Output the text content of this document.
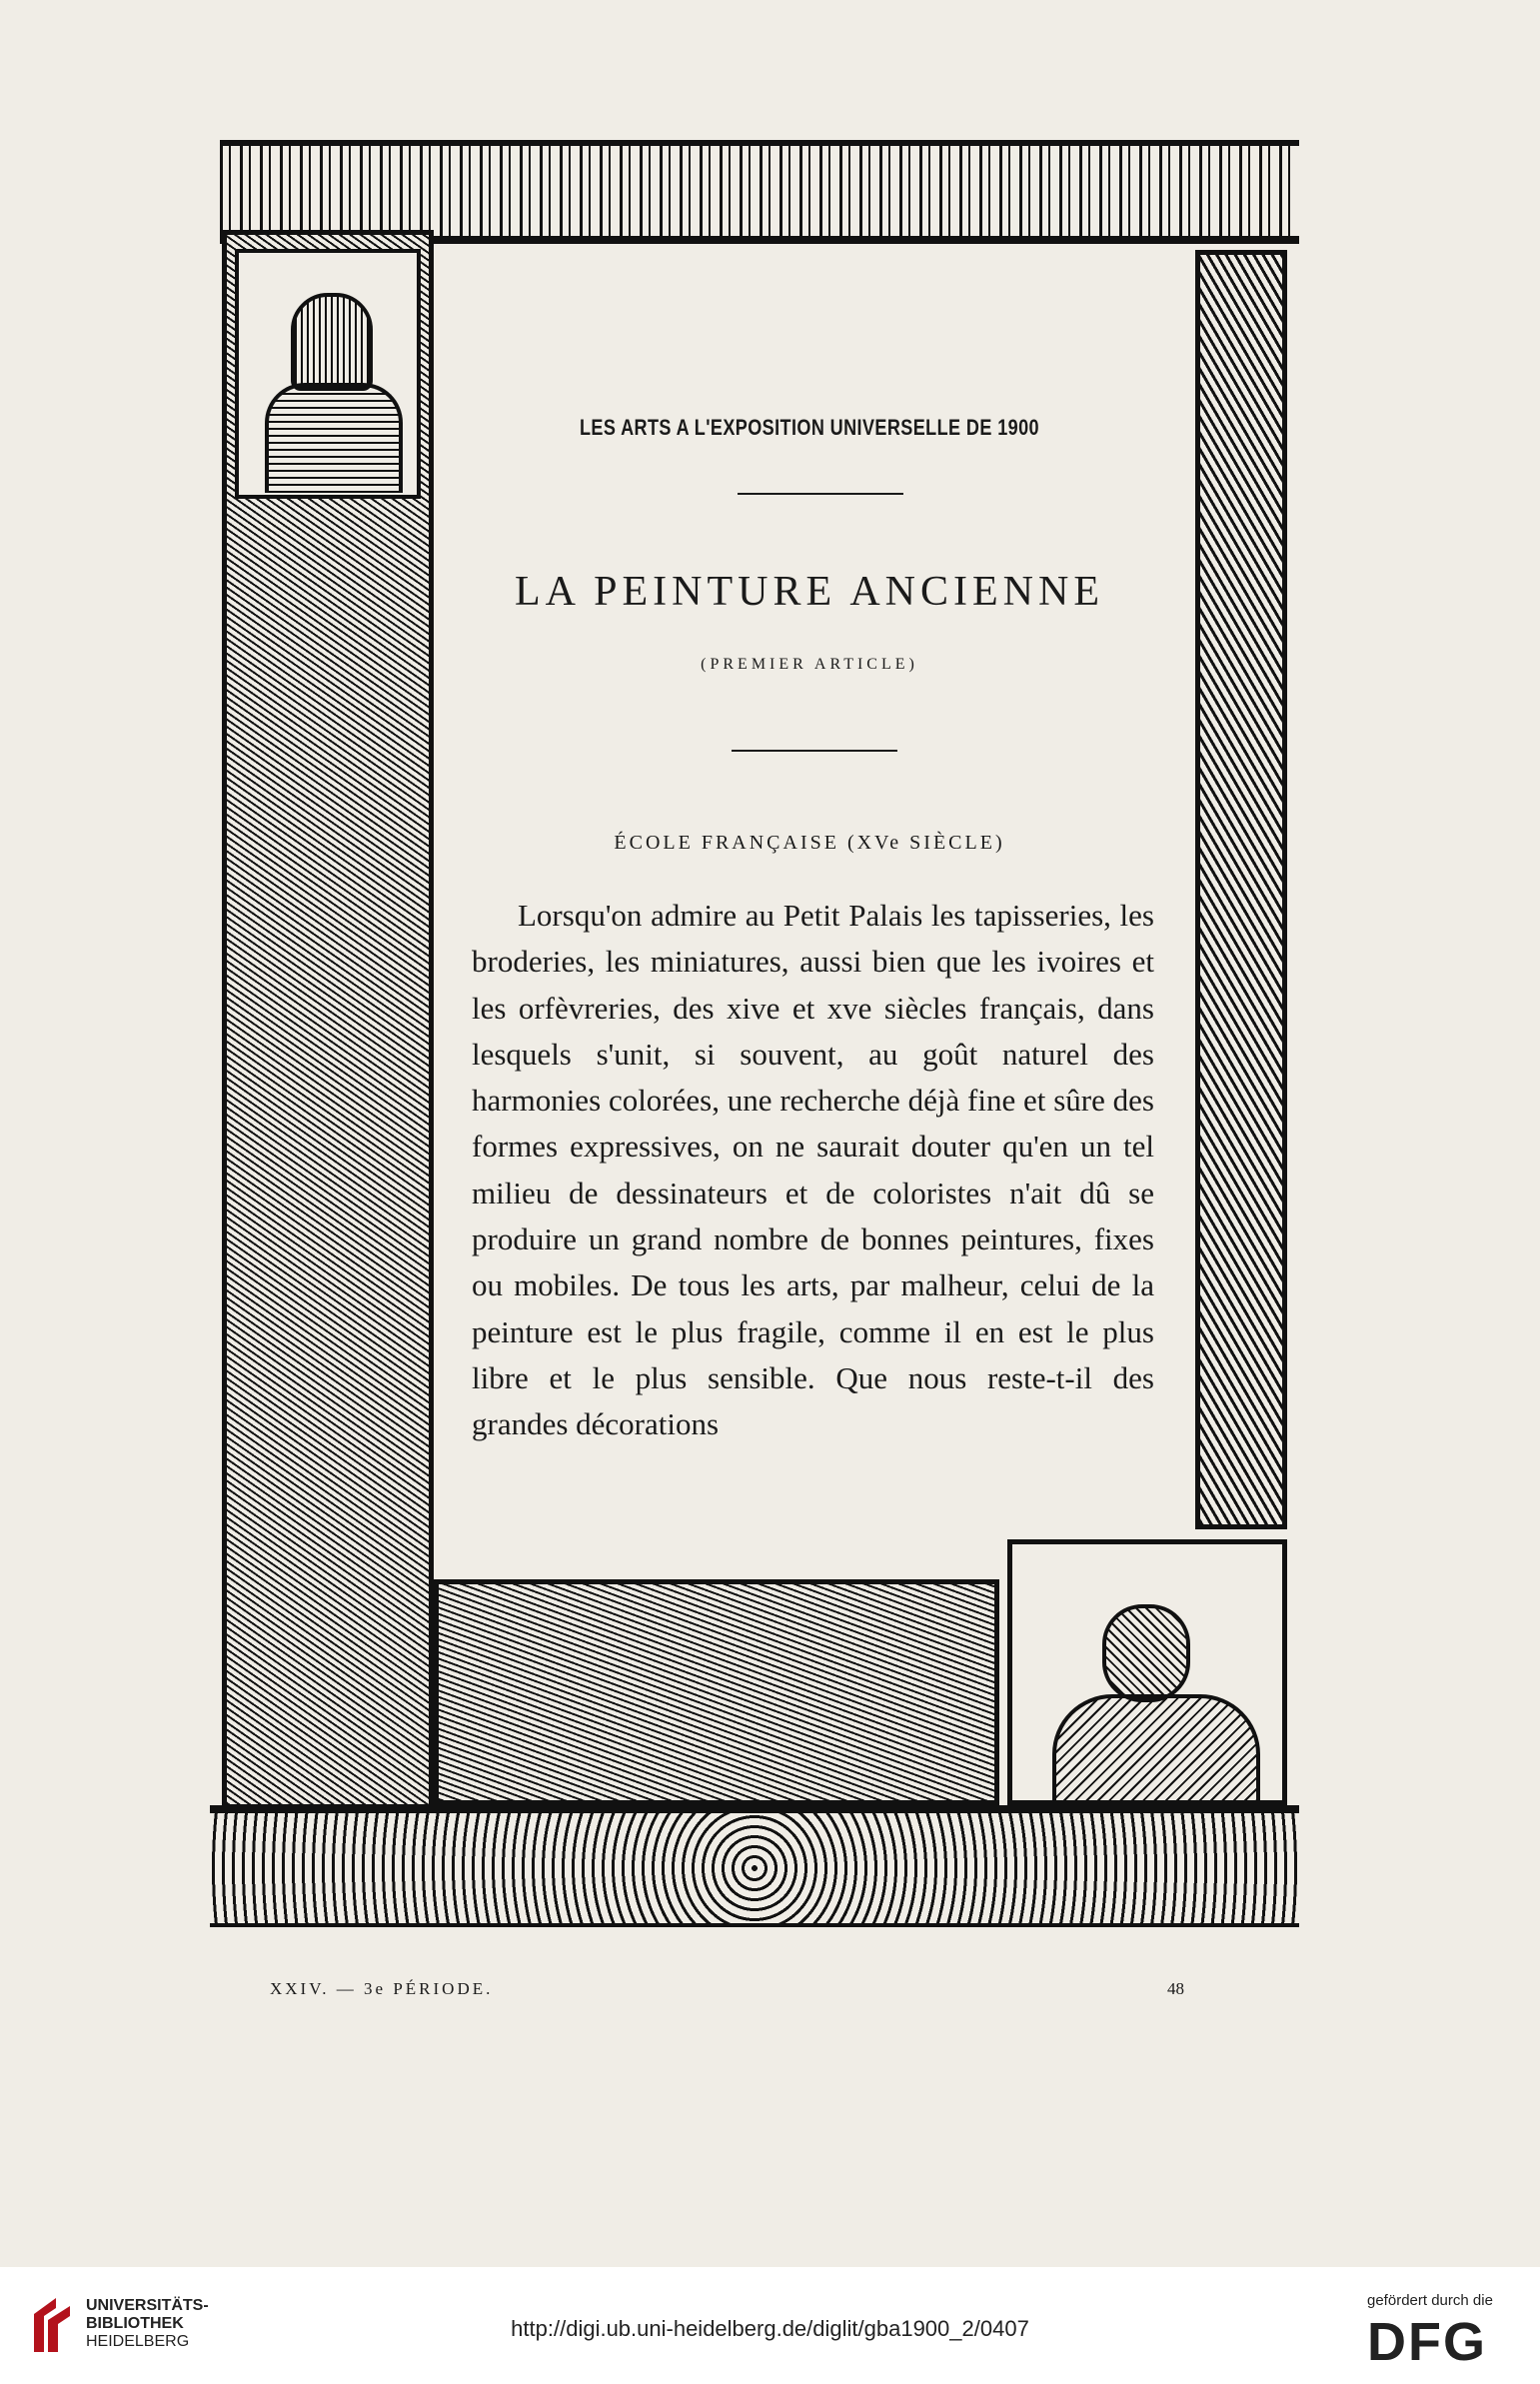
LES ARTS A L'EXPOSITION UNIVERSELLE DE 1900
LA PEINTURE ANCIENNE
(PREMIER ARTICLE)
ÉCOLE FRANÇAISE (XVe SIÈCLE)

Lorsqu'on admire au Petit Palais les tapisseries, les broderies, les miniatures, aussi bien que les ivoires et les orfèvreries, des xive et xve siècles français, dans lesquels s'unit, si souvent, au goût naturel des harmonies colorées, une recherche déjà fine et sûre des formes expressives, on ne saurait douter qu'en un tel milieu de dessinateurs et de coloristes n'ait dû se produire un grand nombre de bonnes peintures, fixes ou mobiles. De tous les arts, par malheur, celui de la peinture est le plus fragile, comme il en est le plus libre et le plus sensible. Que nous reste-t-il des grandes décorations

XXIV. — 3e PÉRIODE.	48
UNIVERSITÄTS-
BIBLIOTHEK
HEIDELBERG
http://digi.ub.uni-heidelberg.de/diglit/gba1900_2/0407
gefördert durch die
DFG
